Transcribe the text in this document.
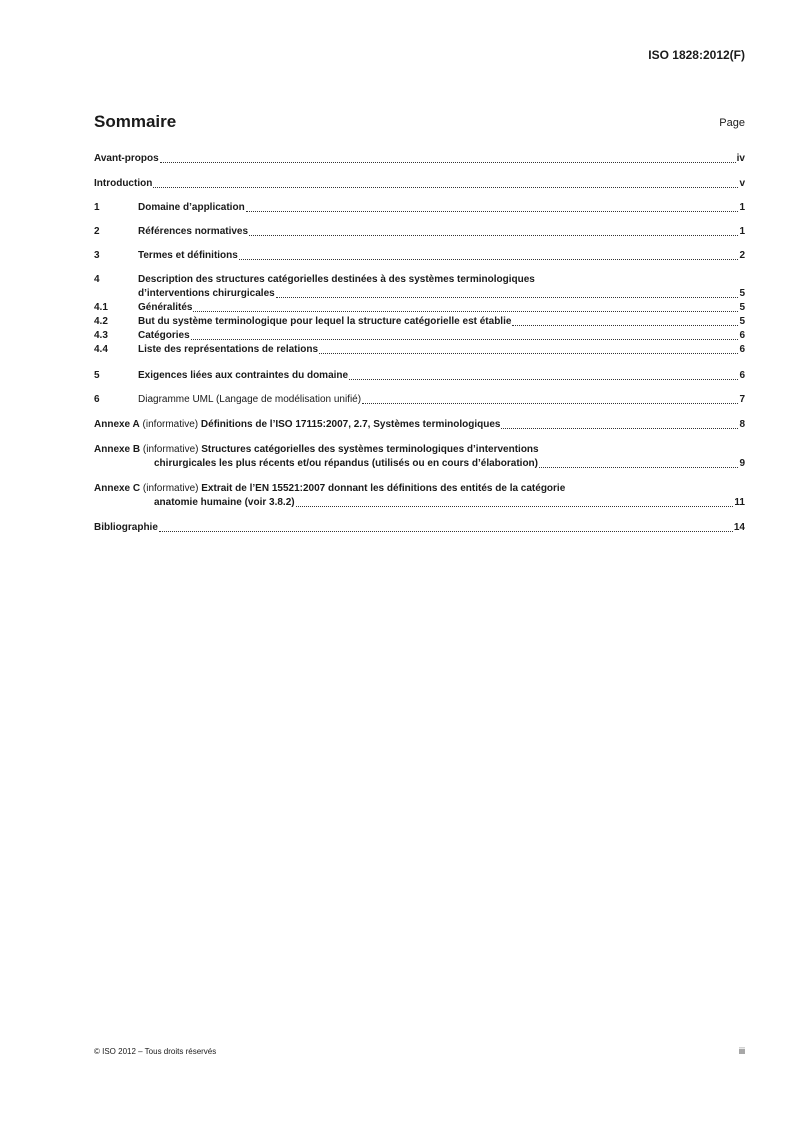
ISO 1828:2012(F)
Sommaire	Page
Avant-propos	iv
Introduction	v
1	Domaine d’application	1
2	Références normatives	1
3	Termes et définitions	2
4	Description des structures catégorielles destinées à des systèmes terminologiques
d’interventions chirurgicales	5
4.1	Généralités	5
4.2	But du système terminologique pour lequel la structure catégorielle est établie	5
4.3	Catégories	6
4.4	Liste des représentations de relations	6
5	Exigences liées aux contraintes du domaine	6
6	Diagramme UML (Langage de modélisation unifié)	7
Annexe A
(informative)
Définitions de l’ISO 17115:2007, 2.7, Systèmes terminologiques	8
Annexe B
(informative)
Structures catégorielles des systèmes terminologiques d’interventions
chirurgicales les plus récents et/ou répandus (utilisés ou en cours d’élaboration)	9
Annexe C
(informative)
Extrait de l’EN 15521:2007 donnant les définitions des entités de la catégorie
anatomie humaine (voir 3.8.2)	11
Bibliographie	14
© ISO 2012 – Tous droits réservés	iii
